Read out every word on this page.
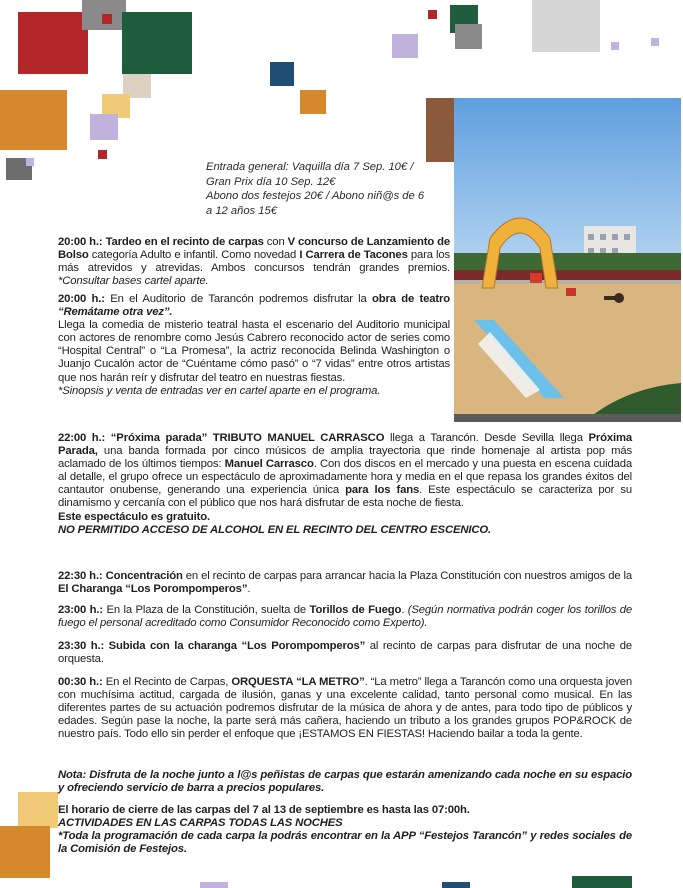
Entrada general: Vaquilla día 7 Sep. 10€ /
Gran Prix día 10 Sep. 12€
Abono dos festejos 20€ / Abono niñ@s de 6
a 12 años 15€
20:00 h.: Tardeo en el recinto de carpas con V concurso de Lanzamiento de Bolso categoría Adulto e infantil. Como novedad I Carrera de Tacones para los más atrevidos y atrevidas. Ambos concursos tendrán grandes premios. *Consultar bases cartel aparte.
20:00 h.: En el Auditorio de Tarancón podremos disfrutar la obra de teatro “Remátame otra vez”.
Llega la comedia de misterio teatral hasta el escenario del Auditorio municipal con actores de renombre como Jesús Cabrero reconocido actor de series como “Hospital Central” o “La Promesa”, la actriz reconocida Belinda Washington o Juanjo Cucalón actor de “Cuéntame cómo pasó” o “7 vidas” entre otros artistas que nos harán reír y disfrutar del teatro en nuestras fiestas.
*Sinopsis y venta de entradas ver en cartel aparte en el programa.
22:00 h.: “Próxima parada” TRIBUTO MANUEL CARRASCO llega a Tarancón. Desde Sevilla llega Próxima Parada, una banda formada por cinco músicos de amplia trayectoria que rinde homenaje al artista pop más aclamado de los últimos tiempos: Manuel Carrasco. Con dos discos en el mercado y una puesta en escena cuidada al detalle, el grupo ofrece un espectáculo de aproximadamente hora y media en el que repasa los grandes éxitos del cantautor onubense, generando una experiencia única para los fans. Este espectáculo se caracteriza por su dinamismo y cercanía con el público que nos hará disfrutar de esta noche de fiesta.
Este espectáculo es gratuito.
NO PERMITIDO ACCESO DE ALCOHOL EN EL RECINTO DEL CENTRO ESCENICO.
22:30 h.: Concentración en el recinto de carpas para arrancar hacia la Plaza Constitución con nuestros amigos de la El Charanga “Los Porompomperos”.
23:00 h.: En la Plaza de la Constitución, suelta de Torillos de Fuego. (Según normativa podrán coger los torillos de fuego el personal acreditado como Consumidor Reconocido como Experto).
23:30 h.: Subida con la charanga “Los Porompomperos” al recinto de carpas para disfrutar de una noche de orquesta.
00:30 h.: En el Recinto de Carpas, ORQUESTA “LA METRO”. “La metro” llega a Tarancón como una orquesta joven con muchísima actitud, cargada de ilusión, ganas y una excelente calidad, tanto personal como musical. En las diferentes partes de su actuación podremos disfrutar de la música de ahora y de antes, para todo tipo de públicos y edades. Según pase la noche, la parte será más cañera, haciendo un tributo a los grandes grupos POP&ROCK de nuestro país. Todo ello sin perder el enfoque que ¡ESTAMOS EN FIESTAS! Haciendo bailar a toda la gente.
Nota: Disfruta de la noche junto a l@s peñistas de carpas que estarán amenizando cada noche en su espacio y ofreciendo servicio de barra a precios populares.
El horario de cierre de las carpas del 7 al 13 de septiembre es hasta las 07:00h.
ACTIVIDADES EN LAS CARPAS TODAS LAS NOCHES
*Toda la programación de cada carpa la podrás encontrar en la APP “Festejos Tarancón” y redes sociales de la Comisión de Festejos.
